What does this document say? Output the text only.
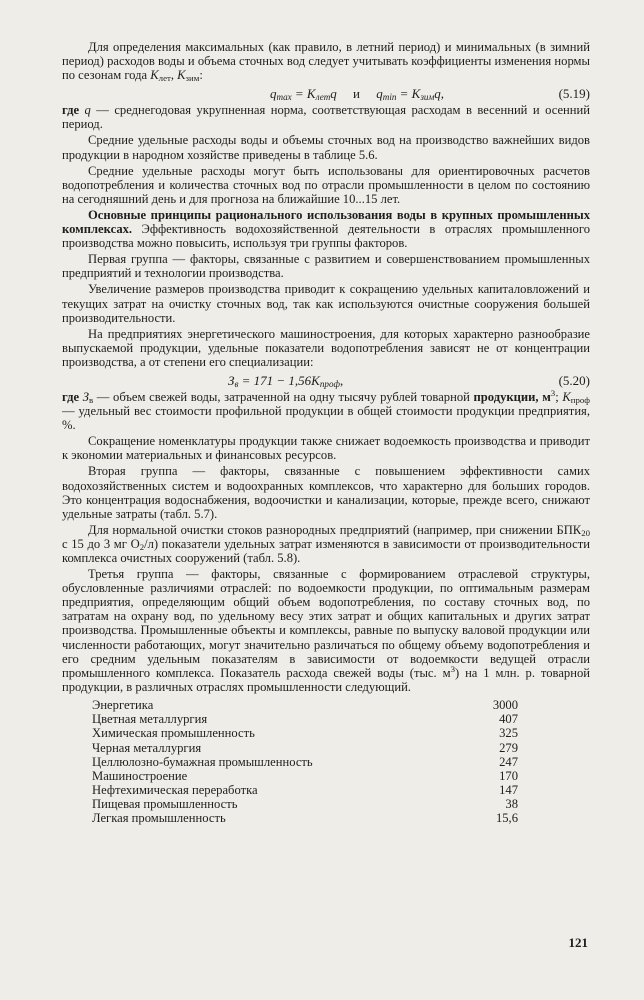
Для определения максимальных (как правило, в летний период) и минимальных (в зимний период) расходов воды и объема сточных вод следует учитывать коэффициенты изменения нормы по сезонам года $K_{лет}$, $K_{зим}$:

$q_{max} = K_{лет}q$ и $q_{min} = K_{зим}q$,	(5.19)

где q — среднегодовая укрупненная норма, соответствующая расходам в весенний и осенний период.

Средние удельные расходы воды и объемы сточных вод на производство важнейших видов продукции в народном хозяйстве приведены в таблице 5.6.

Средние удельные расходы могут быть использованы для ориентировочных расчетов водопотребления и количества сточных вод по отрасли промышленности в целом по состоянию на сегодняшний день и для прогноза на ближайшие 10...15 лет.

Основные принципы рационального использования воды в крупных промышленных комплексах. Эффективность водохозяйственной деятельности в отраслях промышленного производства можно повысить, используя три группы факторов.

Первая группа — факторы, связанные с развитием и совершенствованием промышленных предприятий и технологии производства.

Увеличение размеров производства приводит к сокращению удельных капиталовложений и текущих затрат на очистку сточных вод, так как используются очистные сооружения большей производительности.

На предприятиях энергетического машиностроения, для которых характерно разнообразие выпускаемой продукции, удельные показатели водопотребления зависят не от концентрации производства, а от степени его специализации:

$З_в = 171 - 1,56K_{проф}$,	(5.20)

где $З_в$ — объем свежей воды, затраченной на одну тысячу рублей товарной продукции, $м^3$; $K_{проф}$ — удельный вес стоимости профильной продукции в общей стоимости продукции предприятия, %.

Сокращение номенклатуры продукции также снижает водоемкость производства и приводит к экономии материальных и финансовых ресурсов.

Вторая группа — факторы, связанные с повышением эффективности самих водохозяйственных систем и водоохранных комплексов, что характерно для больших городов. Это концентрация водоснабжения, водоочистки и канализации, которые, прежде всего, снижают удельные затраты (табл. 5.7).

Для нормальной очистки стоков разнородных предприятий (например, при снижении $БПК_{20}$ с 15 до 3 мг $О_2/л$) показатели удельных затрат изменяются в зависимости от производительности комплекса очистных сооружений (табл. 5.8).

Третья группа — факторы, связанные с формированием отраслевой структуры, обусловленные различиями отраслей: по водоемкости продукции, по оптимальным размерам предприятия, определяющим общий объем водопотребления, по составу сточных вод, по затратам на охрану вод, по удельному весу этих затрат и общих капитальных и других затрат производства. Промышленные объекты и комплексы, равные по выпуску валовой продукции или численности работающих, могут значительно различаться по общему объему водопотребления и его средним удельным показателям в зависимости от водоемкости ведущей отрасли промышленного комплекса. Показатель расхода свежей воды (тыс. $м^3$) на 1 млн. р. товарной продукции, в различных отраслях промышленности следующий.

Энергетика	3000
Цветная металлургия	407
Химическая промышленность	325
Черная металлургия	279
Целлюлозно-бумажная промышленность	247
Машиностроение	170
Нефтехимическая переработка	147
Пищевая промышленность	38
Легкая промышленность	15,6
121
